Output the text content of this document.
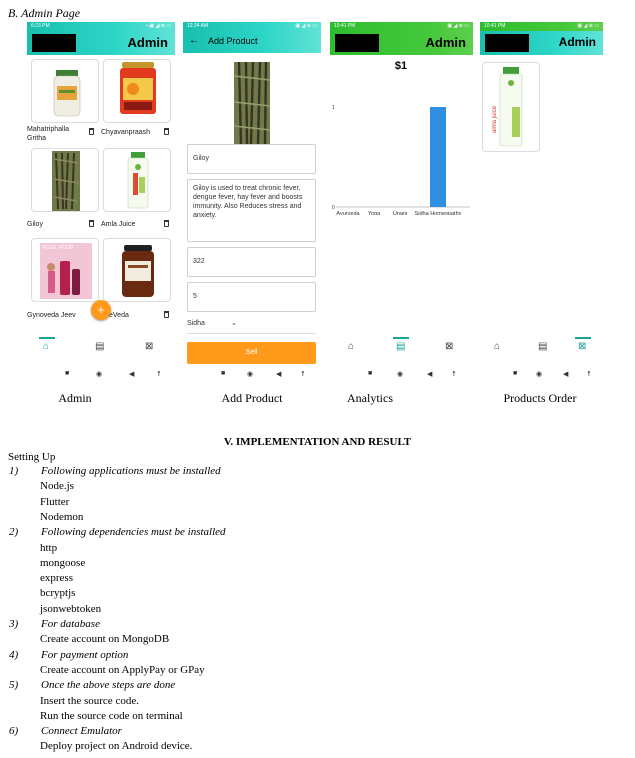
B. Admin Page
6:23 PM	▪ ▣ ◢ ⊕ ▭
Admin
Mahatriphalla Gritha
Chyavanpraash
Giloy	Amla Juice
PCOS, PCOD
Gynoveda Jeev	eVeda
+
⌂	▤	⊠
■	◉	◀	☨
12:24 AM	▣ ◢ ⊕ ▭
← Add Product
Giloy
Giloy is used to treat chronic fever, dengue fever, hay fever and boosts immunity. Also Reduces stress and anxiety.
322
5
Sidha	⌄
Sell
■	◉	◀	☨
10:41 PM	▣ ◢ ⊕ ▭
Admin
$1
1
0
Ayurveda Yoga Unani Sidha Homeopathy
⌂	▤	⊠
■	◉	◀	☨
10:41 PM	▣ ◢ ⊕ ▭
Admin
amla juice
⌂	▤	⊠
■	◉	◀	☨
Admin	Add Product	Analytics	Products Order
V. IMPLEMENTATION AND RESULT
Setting Up
1) Following applications must be installed
Node.js
Flutter
Nodemon
2) Following dependencies must be installed
http
mongoose
express
bcryptjs
jsonwebtoken
3) For database
Create account on MongoDB
4) For payment option
Create account on ApplyPay or GPay
5) Once the above steps are done
Insert the source code.
Run the source code on terminal
6) Connect Emulator
Deploy project on Android device.
